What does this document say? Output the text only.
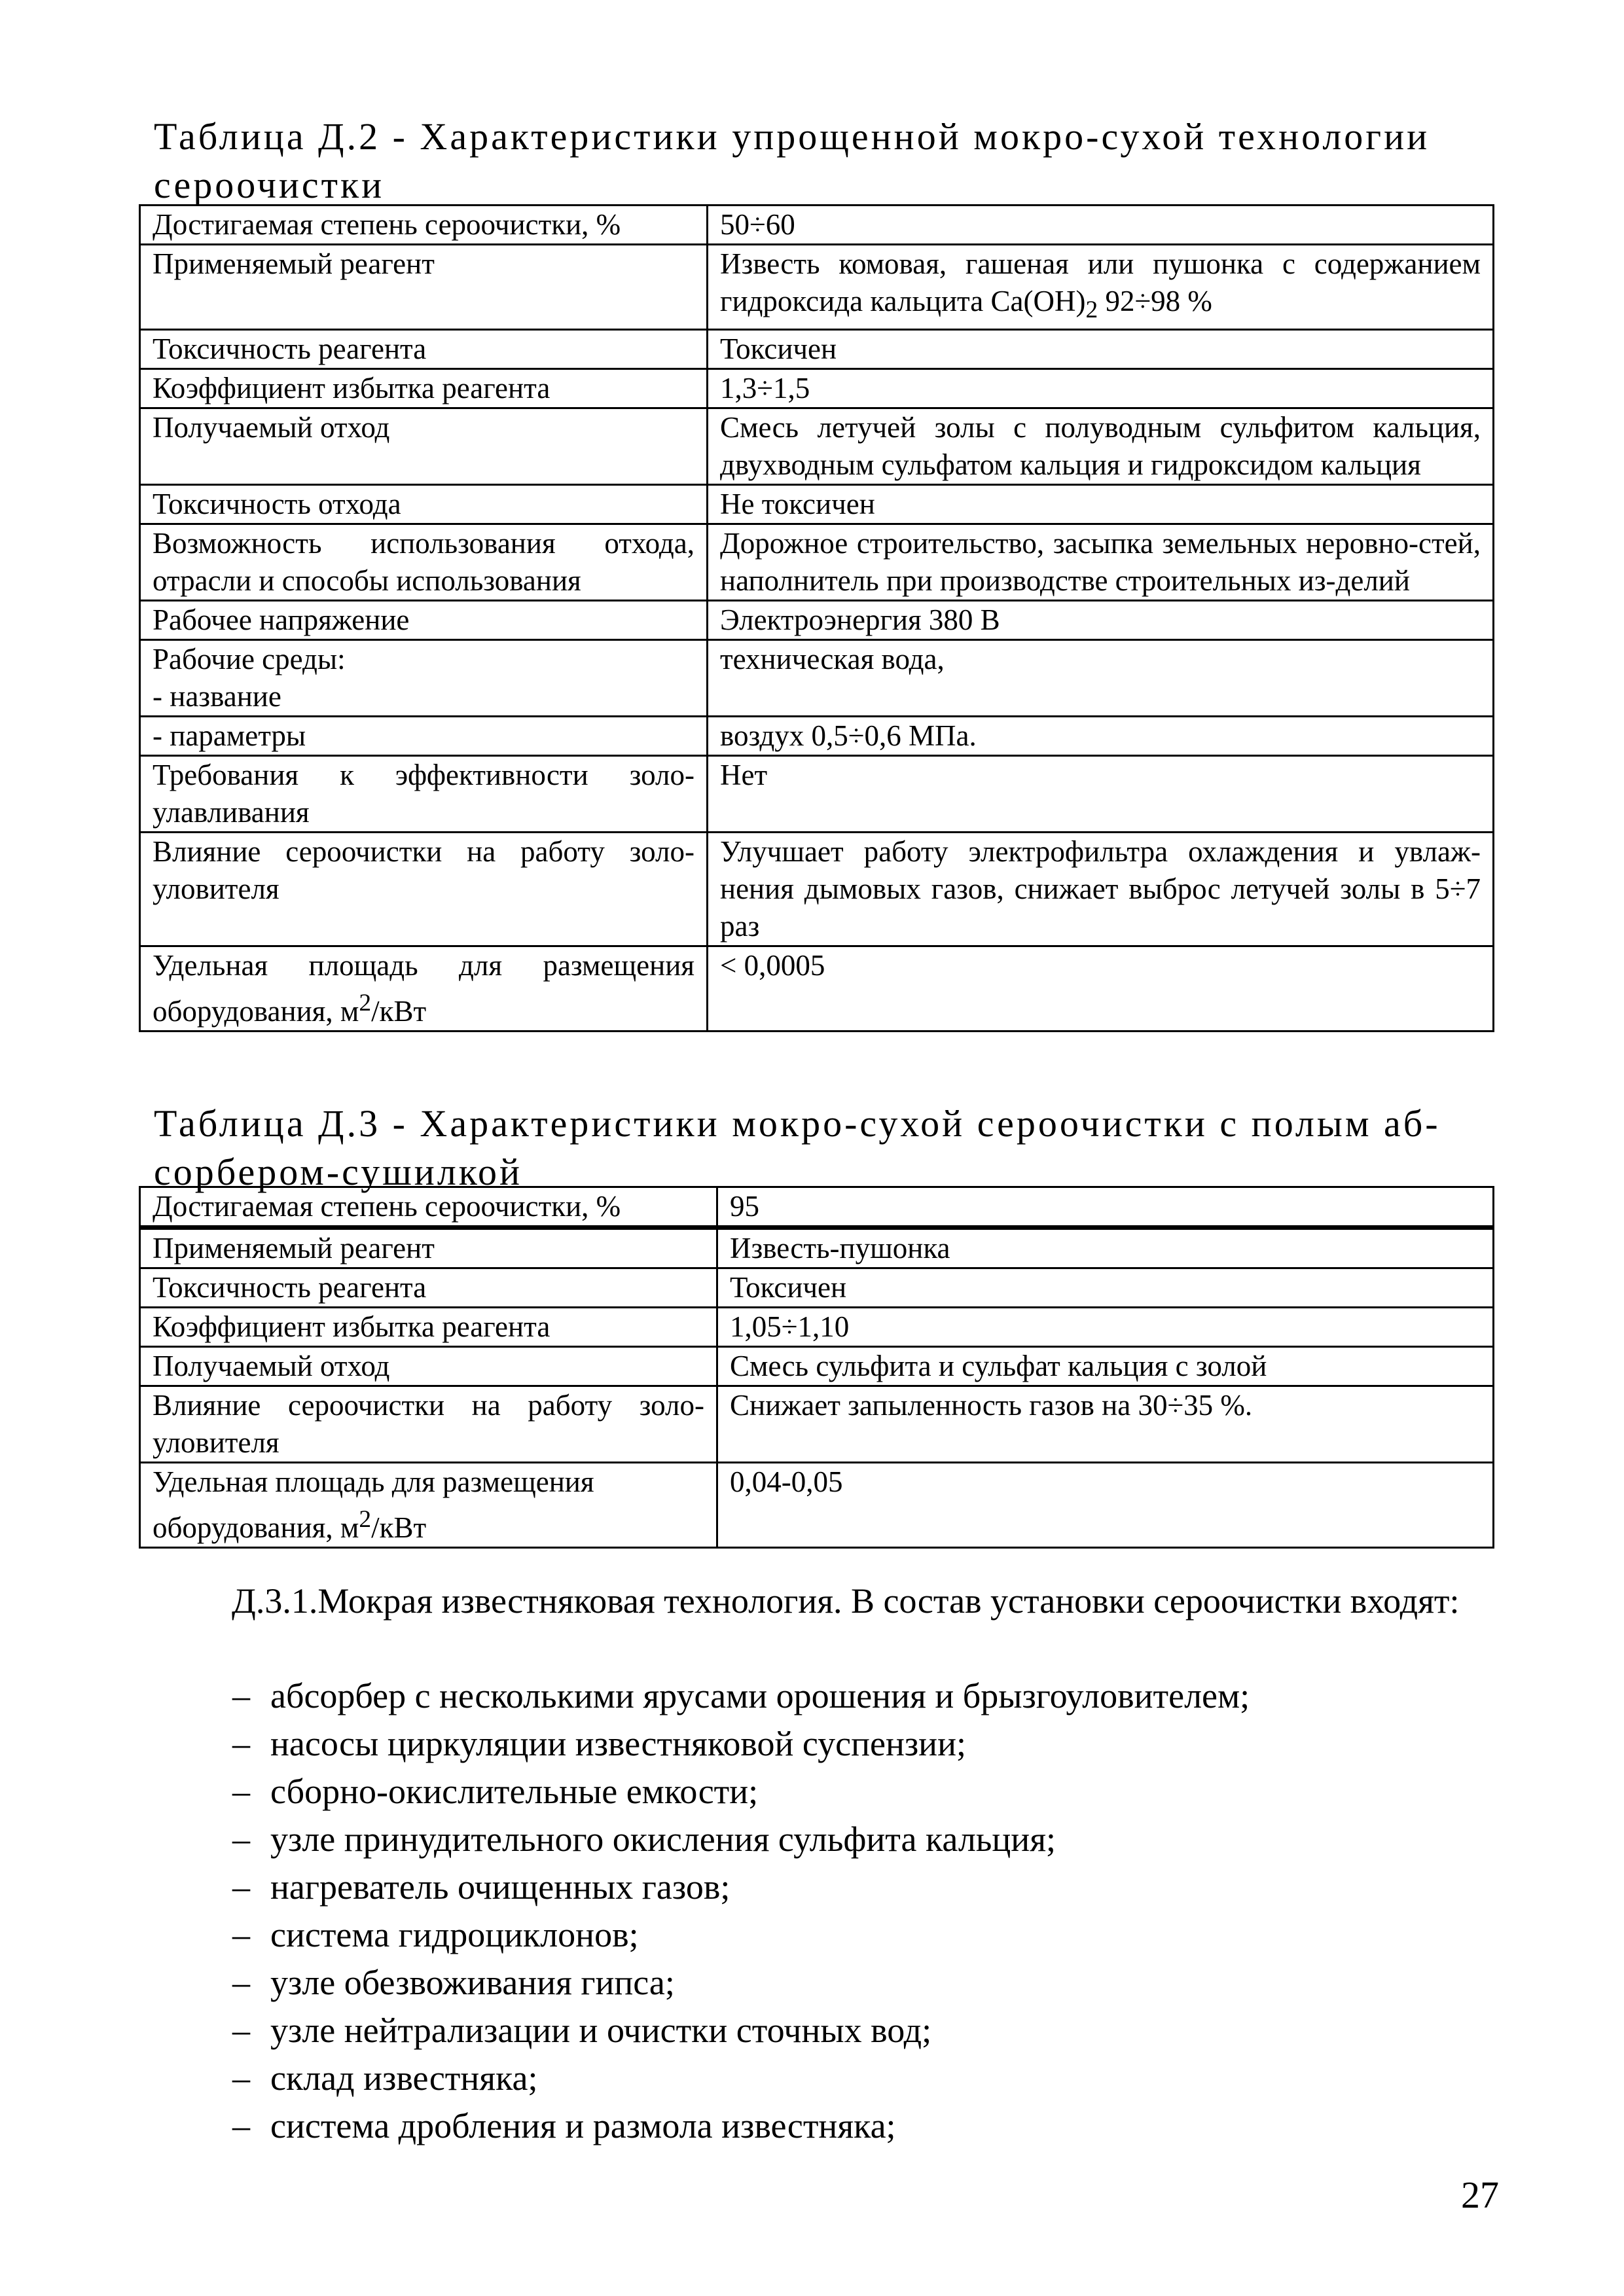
Таблица Д.2 - Характеристики упрощенной мокро-сухой технологии сероочистки
Достигаемая степень сероочистки, %	50÷60
Применяемый реагент	Известь комовая, гашеная или пушонка с содержанием гидроксида кальцита $Ca(OH)_2$ 92÷98 %
Токсичность реагента	Токсичен
Коэффициент избытка реагента	1,3÷1,5
Получаемый отход	Смесь летучей золы с полуводным сульфитом кальция, двухводным сульфатом кальция и гидроксидом кальция
Токсичность отхода	Не токсичен
Возможность использования отхода, отрасли и способы использования	Дорожное строительство, засыпка земельных неровно-стей, наполнитель при производстве строительных из-делий
Рабочее напряжение	Электроэнергия 380 В

Рабочие среды:
- название	техническая вода,
- параметры	воздух 0,5÷0,6 МПа.
Требования к эффективности золо-улавливания	Нет
Влияние сероочистки на работу золо-уловителя	Улучшает работу электрофильтра охлаждения и увлаж-нения дымовых газов, снижает выброс летучей золы в 5÷7 раз
Удельная площадь для размещения оборудования, $м^2$/кВт	< 0,0005
Таблица Д.3 - Характеристики мокро-сухой сероочистки с полым аб-сорбером-сушилкой
Достигаемая степень сероочистки, %	95
Применяемый реагент	Известь-пушонка
Токсичность реагента	Токсичен
Коэффициент избытка реагента	1,05÷1,10
Получаемый отход	Смесь сульфита и сульфат кальция с золой
Влияние сероочистки на работу золо-уловителя	Снижает запыленность газов на 30÷35 %.
Удельная площадь для размещения оборудования, $м^2$/кВт	0,04-0,05

Д.3.1.Мокрая известняковая технология. В состав установки сероочистки входят:

– абсорбер с несколькими ярусами орошения и брызгоуловителем;
– насосы циркуляции известняковой суспензии;
– сборно-окислительные емкости;
– узле принудительного окисления сульфита кальция;
– нагреватель очищенных газов;
– система гидроциклонов;
– узле обезвоживания гипса;
– узле нейтрализации и очистки сточных вод;
– склад известняка;
– система дробления и размола известняка;
27
